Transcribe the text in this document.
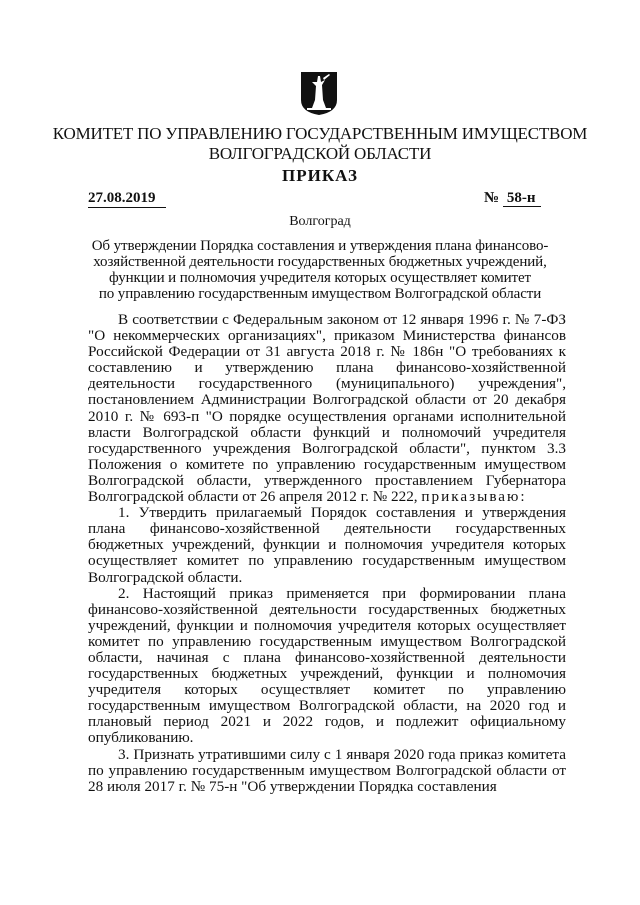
КОМИТЕТ ПО УПРАВЛЕНИЮ ГОСУДАРСТВЕННЫМ ИМУЩЕСТВОМ
ВОЛГОГРАДСКОЙ ОБЛАСТИ
ПРИКАЗ
27.08.2019	№ 58-н
Волгоград
Об утверждении Порядка составления и утверждения плана финансово-
хозяйственной деятельности государственных бюджетных учреждений,
функции и полномочия учредителя которых осуществляет комитет
по управлению государственным имуществом Волгоградской области

В соответствии с Федеральным законом от 12 января 1996 г. № 7-ФЗ "О некоммерческих организациях", приказом Министерства финансов Российской Федерации от 31 августа 2018 г. № 186н "О требованиях к составлению и утверждению плана финансово-хозяйственной деятельности государственного (муниципального) учреждения", постановлением Администрации Волгоградской области от 20 декабря 2010 г. № 693-п "О порядке осуществления органами исполнительной власти Волгоградской области функций и полномочий учредителя государственного учреждения Волгоградской области", пунктом 3.3 Положения о комитете по управлению государственным имуществом Волгоградской области, утвержденного проставлением Губернатора Волгоградской области от 26 апреля 2012 г. № 222, приказываю:

1. Утвердить прилагаемый Порядок составления и утверждения плана финансово-хозяйственной деятельности государственных бюджетных учреждений, функции и полномочия учредителя которых осуществляет комитет по управлению государственным имуществом Волгоградской области.

2. Настоящий приказ применяется при формировании плана финансово-хозяйственной деятельности государственных бюджетных учреждений, функции и полномочия учредителя которых осуществляет комитет по управлению государственным имуществом Волгоградской области, начиная с плана финансово-хозяйственной деятельности государственных бюджетных учреждений, функции и полномочия учредителя которых осуществляет комитет по управлению государственным имуществом Волгоградской области, на 2020 год и плановый период 2021 и 2022 годов, и подлежит официальному опубликованию.

3. Признать утратившими силу с 1 января 2020 года приказ комитета по управлению государственным имуществом Волгоградской области от 28 июля 2017 г. № 75-н "Об утверждении Порядка составления
